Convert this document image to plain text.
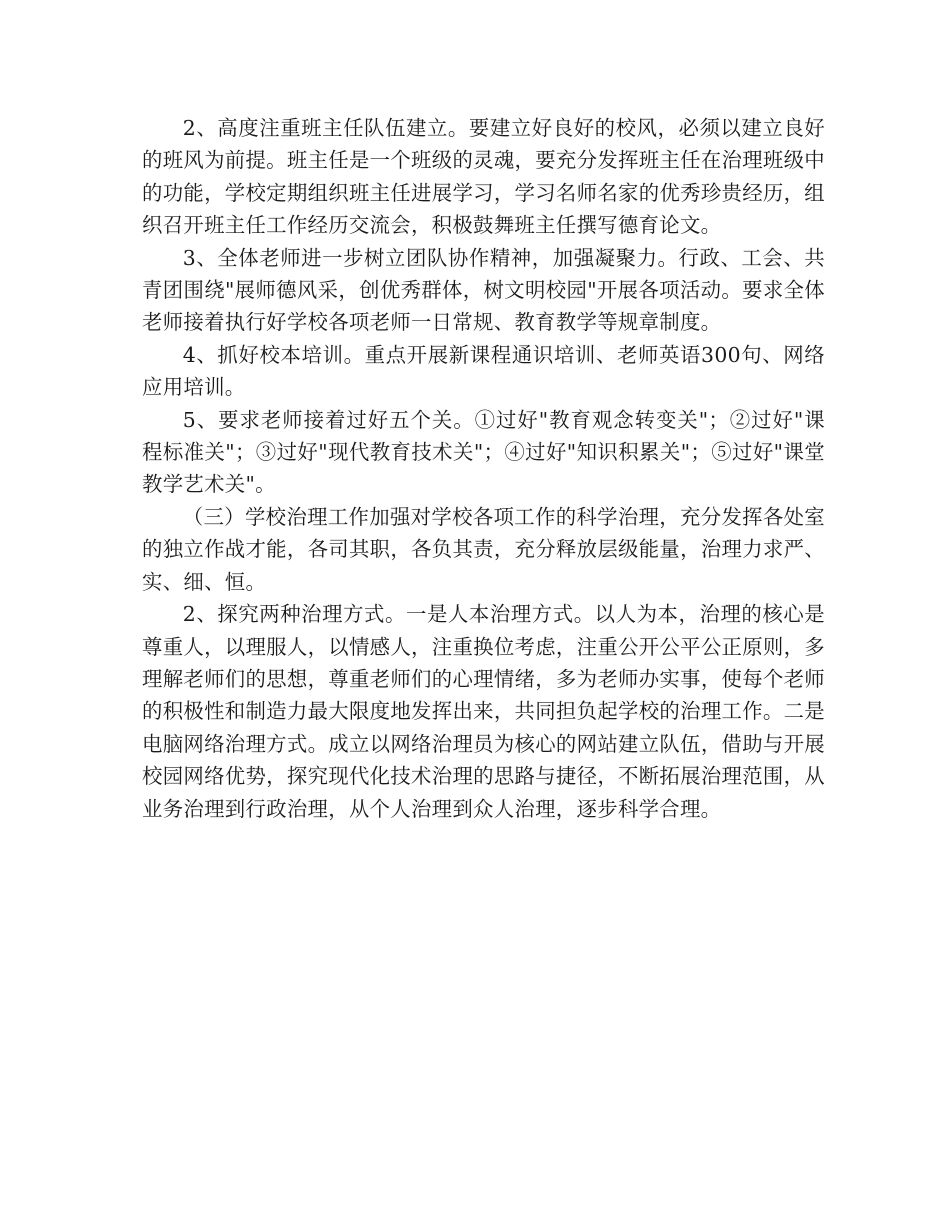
2、高度注重班主任队伍建立。要建立好良好的校风，必须以建立良好的班风为前提。班主任是一个班级的灵魂，要充分发挥班主任在治理班级中的功能，学校定期组织班主任进展学习，学习名师名家的优秀珍贵经历，组织召开班主任工作经历交流会，积极鼓舞班主任撰写德育论文。

3、全体老师进一步树立团队协作精神，加强凝聚力。行政、工会、共青团围绕"展师德风采，创优秀群体，树文明校园"开展各项活动。要求全体老师接着执行好学校各项老师一日常规、教育教学等规章制度。

4、抓好校本培训。重点开展新课程通识培训、老师英语300句、网络应用培训。

5、要求老师接着过好五个关。①过好"教育观念转变关"；②过好"课程标准关"；③过好"现代教育技术关"；④过好"知识积累关"；⑤过好"课堂教学艺术关"。

（三）学校治理工作加强对学校各项工作的科学治理，充分发挥各处室的独立作战才能，各司其职，各负其责，充分释放层级能量，治理力求严、实、细、恒。

2、探究两种治理方式。一是人本治理方式。以人为本，治理的核心是尊重人，以理服人，以情感人，注重换位考虑，注重公开公平公正原则，多理解老师们的思想，尊重老师们的心理情绪，多为老师办实事，使每个老师的积极性和制造力最大限度地发挥出来，共同担负起学校的治理工作。二是电脑网络治理方式。成立以网络治理员为核心的网站建立队伍，借助与开展校园网络优势，探究现代化技术治理的思路与捷径，不断拓展治理范围，从业务治理到行政治理，从个人治理到众人治理，逐步科学合理。
